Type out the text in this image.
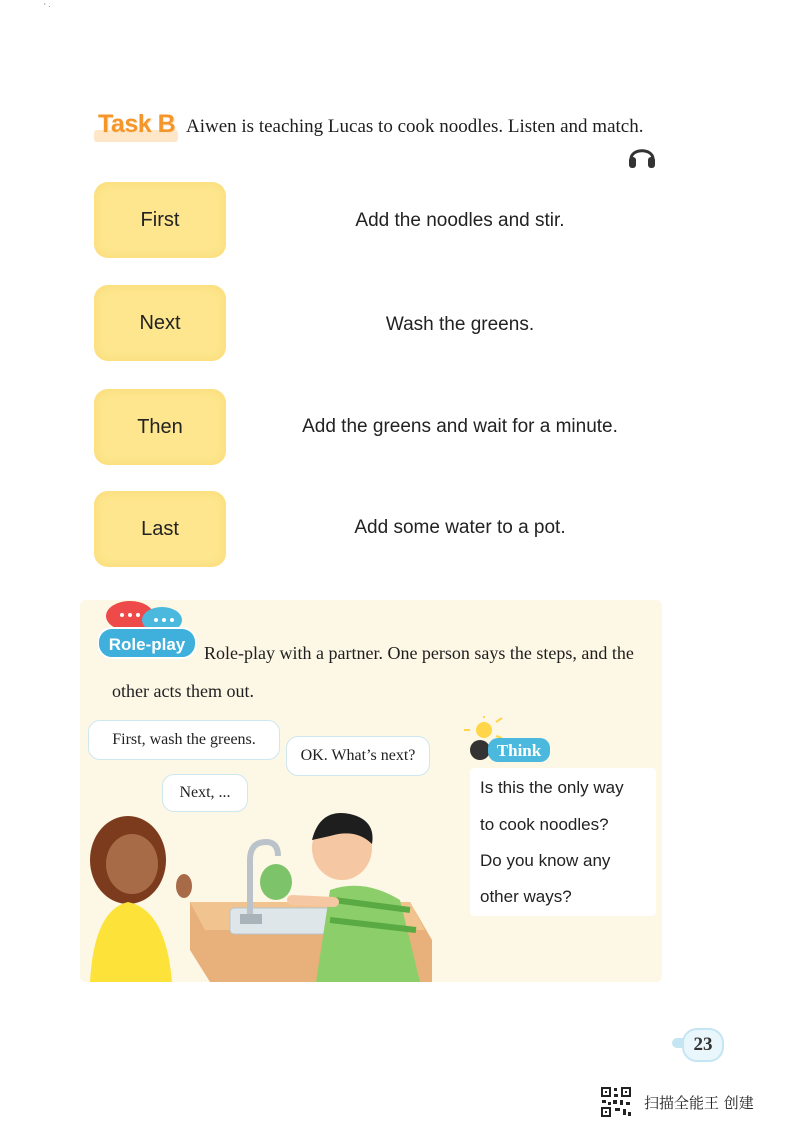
‘ ·
Task B Aiwen is teaching Lucas to cook noodles. Listen and match.
First	Add the noodles and stir.
Next	Wash the greens.
Then	Add the greens and wait for a minute.
Last	Add some water to a pot.
Role-play	Role-play with a partner. One person says the steps, and the other acts them out.
First, wash the greens.
OK. What’s next?
Next, ...
Think
Is this the only way
to cook noodles?
Do you know any
other ways?
23
扫描全能王 创建
